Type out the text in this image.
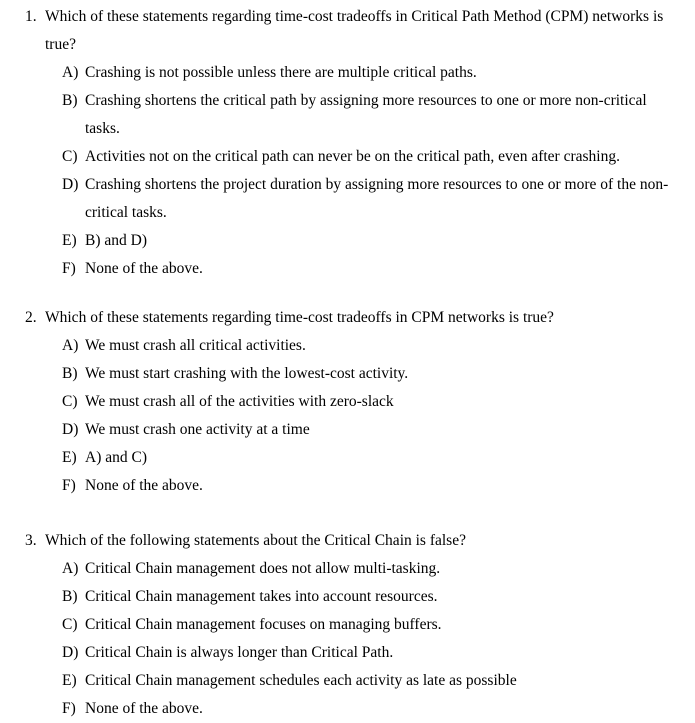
1. Which of these statements regarding time-cost tradeoffs in Critical Path Method (CPM) networks is true?
A) Crashing is not possible unless there are multiple critical paths.
B) Crashing shortens the critical path by assigning more resources to one or more non-critical tasks.
C) Activities not on the critical path can never be on the critical path, even after crashing.
D) Crashing shortens the project duration by assigning more resources to one or more of the non-critical tasks.
E) B) and D)
F) None of the above.
2. Which of these statements regarding time-cost tradeoffs in CPM networks is true?
A) We must crash all critical activities.
B) We must start crashing with the lowest-cost activity.
C) We must crash all of the activities with zero-slack
D) We must crash one activity at a time
E) A) and C)
F) None of the above.
3. Which of the following statements about the Critical Chain is false?
A) Critical Chain management does not allow multi-tasking.
B) Critical Chain management takes into account resources.
C) Critical Chain management focuses on managing buffers.
D) Critical Chain is always longer than Critical Path.
E) Critical Chain management schedules each activity as late as possible
F) None of the above.
